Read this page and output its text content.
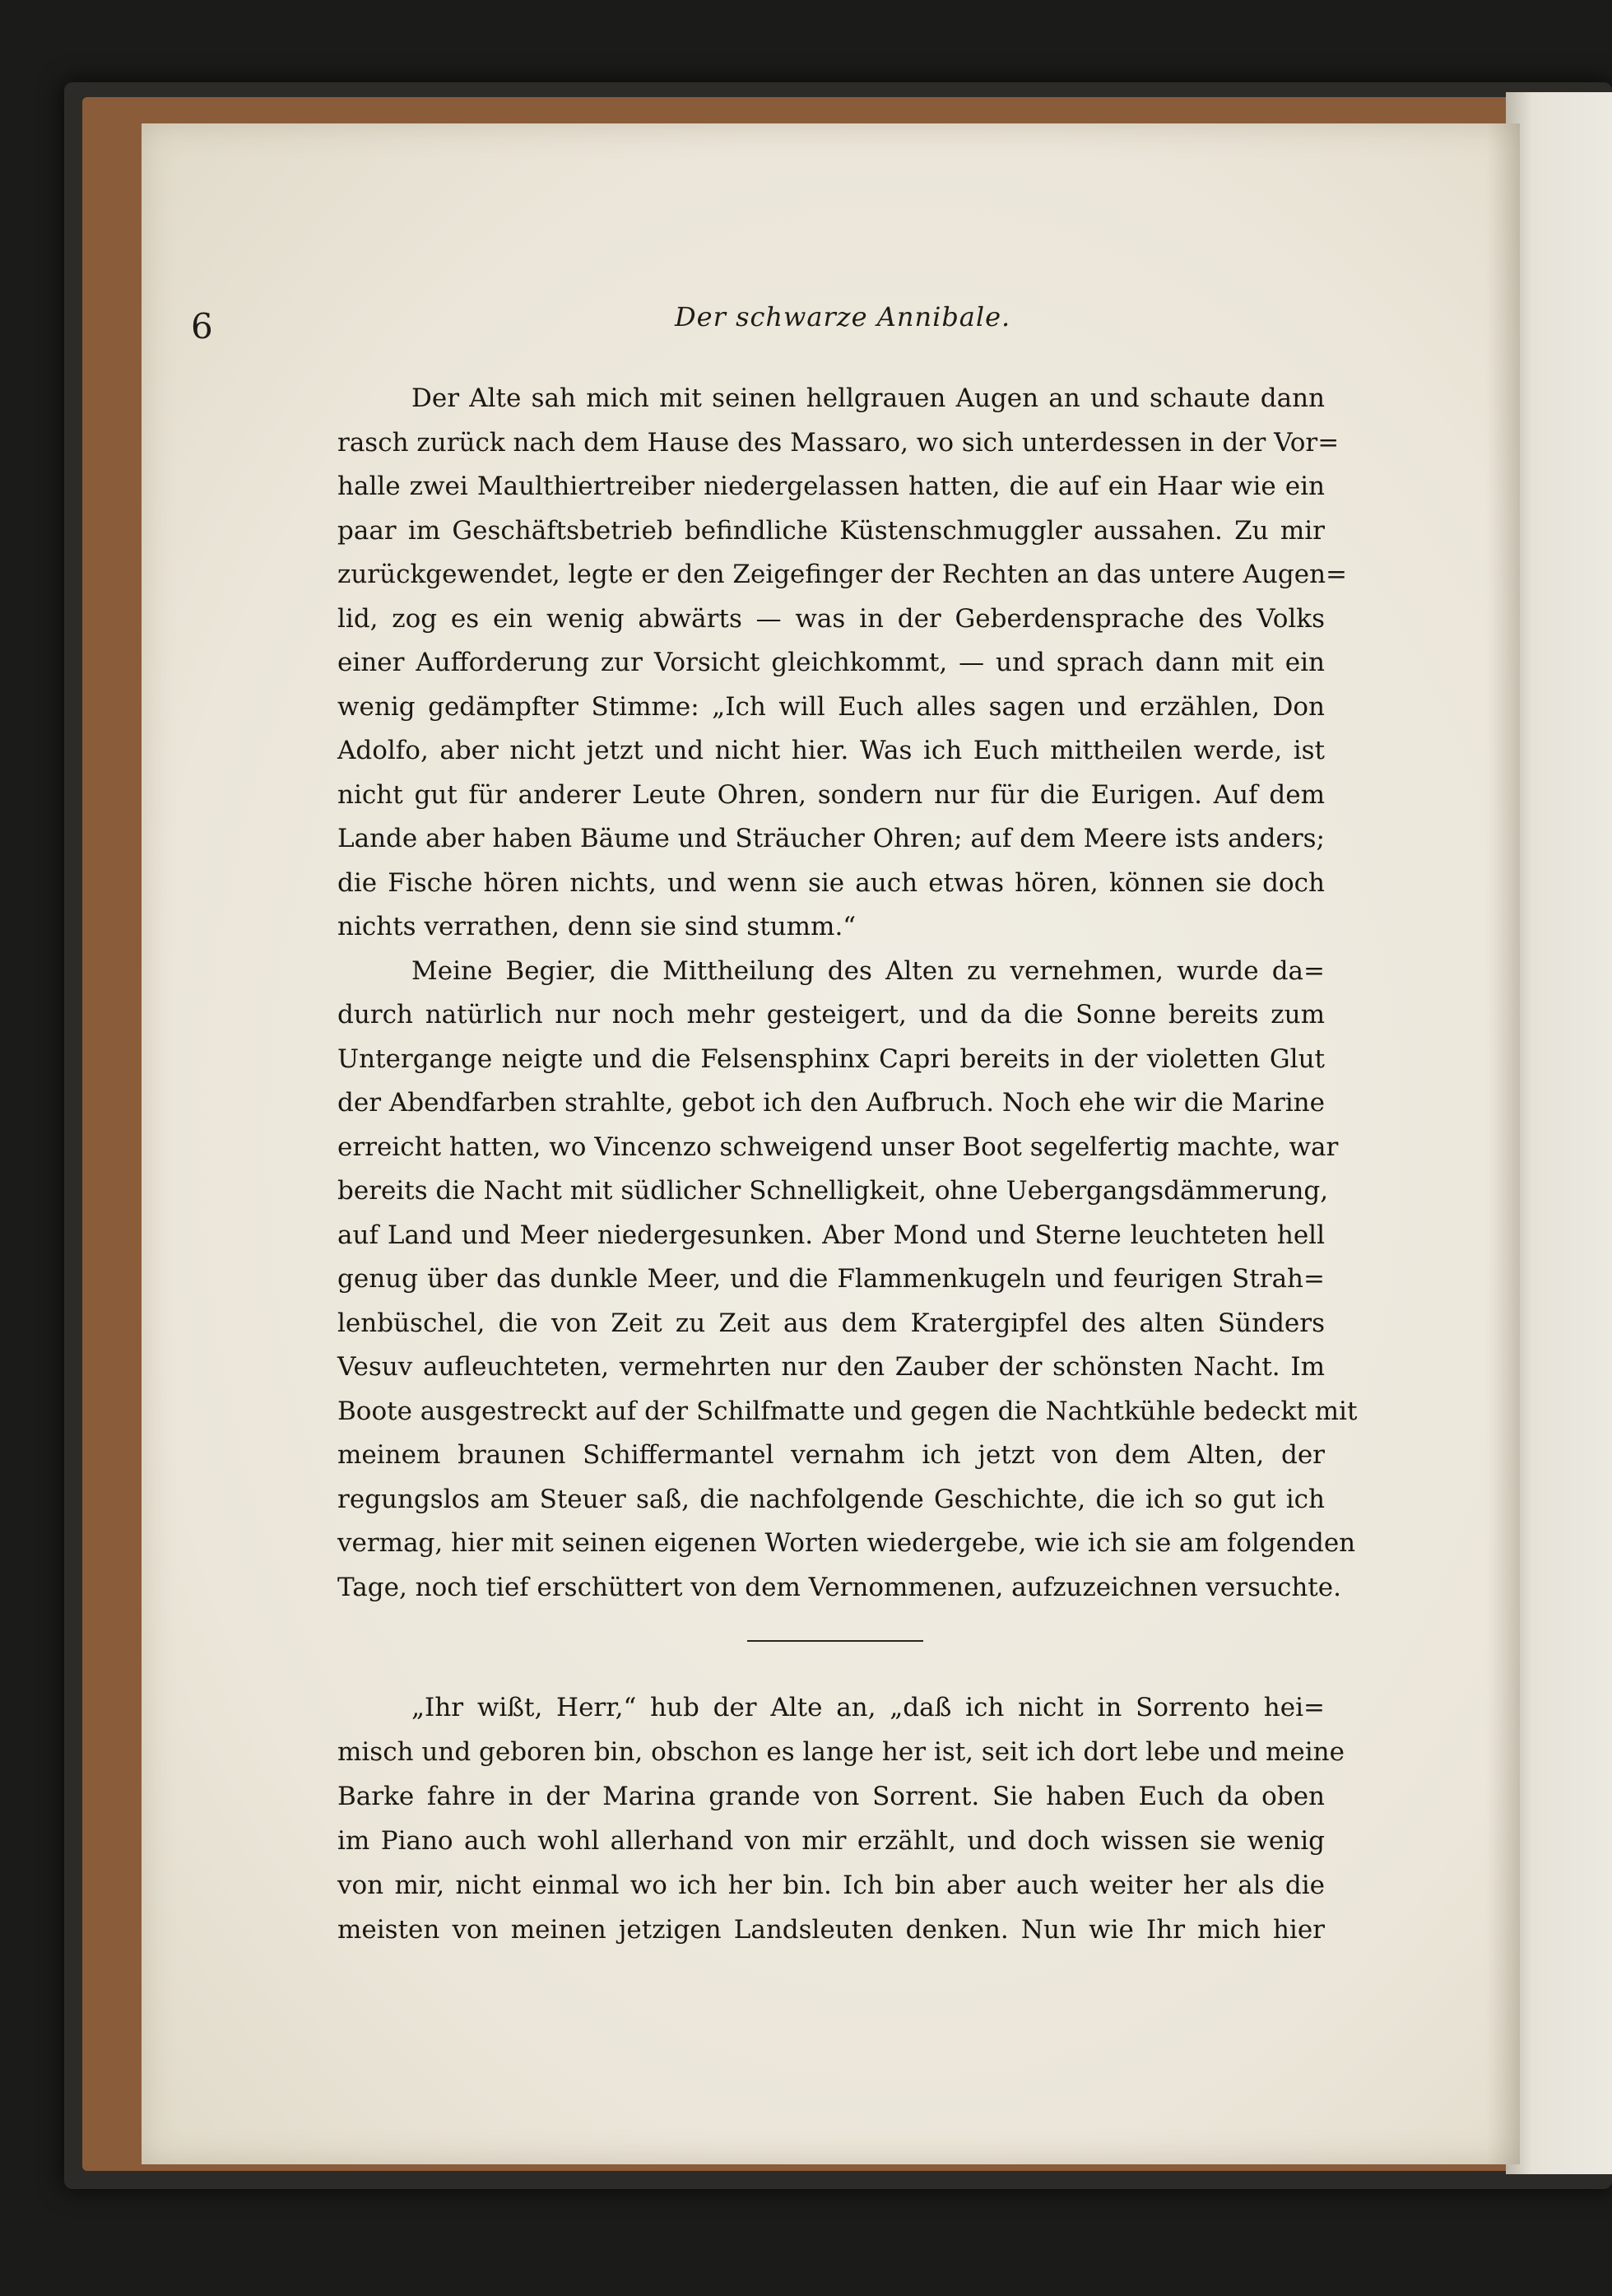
6	Der schwarze Annibale.
Der Alte sah mich mit seinen hellgrauen Augen an und schaute dann
rasch zurück nach dem Hause des Massaro, wo sich unterdessen in der Vor=
halle zwei Maulthiertreiber niedergelassen hatten, die auf ein Haar wie ein
paar im Geschäftsbetrieb befindliche Küstenschmuggler aussahen. Zu mir
zurückgewendet, legte er den Zeigefinger der Rechten an das untere Augen=
lid, zog es ein wenig abwärts — was in der Geberdensprache des Volks
einer Aufforderung zur Vorsicht gleichkommt, — und sprach dann mit ein
wenig gedämpfter Stimme: „Ich will Euch alles sagen und erzählen, Don
Adolfo, aber nicht jetzt und nicht hier. Was ich Euch mittheilen werde, ist
nicht gut für anderer Leute Ohren, sondern nur für die Eurigen. Auf dem
Lande aber haben Bäume und Sträucher Ohren; auf dem Meere ists anders;
die Fische hören nichts, und wenn sie auch etwas hören, können sie doch
nichts verrathen, denn sie sind stumm.“
Meine Begier, die Mittheilung des Alten zu vernehmen, wurde da=
durch natürlich nur noch mehr gesteigert, und da die Sonne bereits zum
Untergange neigte und die Felsensphinx Capri bereits in der violetten Glut
der Abendfarben strahlte, gebot ich den Aufbruch. Noch ehe wir die Marine
erreicht hatten, wo Vincenzo schweigend unser Boot segelfertig machte, war
bereits die Nacht mit südlicher Schnelligkeit, ohne Uebergangsdämmerung,
auf Land und Meer niedergesunken. Aber Mond und Sterne leuchteten hell
genug über das dunkle Meer, und die Flammenkugeln und feurigen Strah=
lenbüschel, die von Zeit zu Zeit aus dem Kratergipfel des alten Sünders
Vesuv aufleuchteten, vermehrten nur den Zauber der schönsten Nacht. Im
Boote ausgestreckt auf der Schilfmatte und gegen die Nachtkühle bedeckt mit
meinem braunen Schiffermantel vernahm ich jetzt von dem Alten, der
regungslos am Steuer saß, die nachfolgende Geschichte, die ich so gut ich
vermag, hier mit seinen eigenen Worten wiedergebe, wie ich sie am folgenden
Tage, noch tief erschüttert von dem Vernommenen, aufzuzeichnen versuchte.
„Ihr wißt, Herr,“ hub der Alte an, „daß ich nicht in Sorrento hei=
misch und geboren bin, obschon es lange her ist, seit ich dort lebe und meine
Barke fahre in der Marina grande von Sorrent. Sie haben Euch da oben
im Piano auch wohl allerhand von mir erzählt, und doch wissen sie wenig
von mir, nicht einmal wo ich her bin. Ich bin aber auch weiter her als die
meisten von meinen jetzigen Landsleuten denken. Nun wie Ihr mich hier
